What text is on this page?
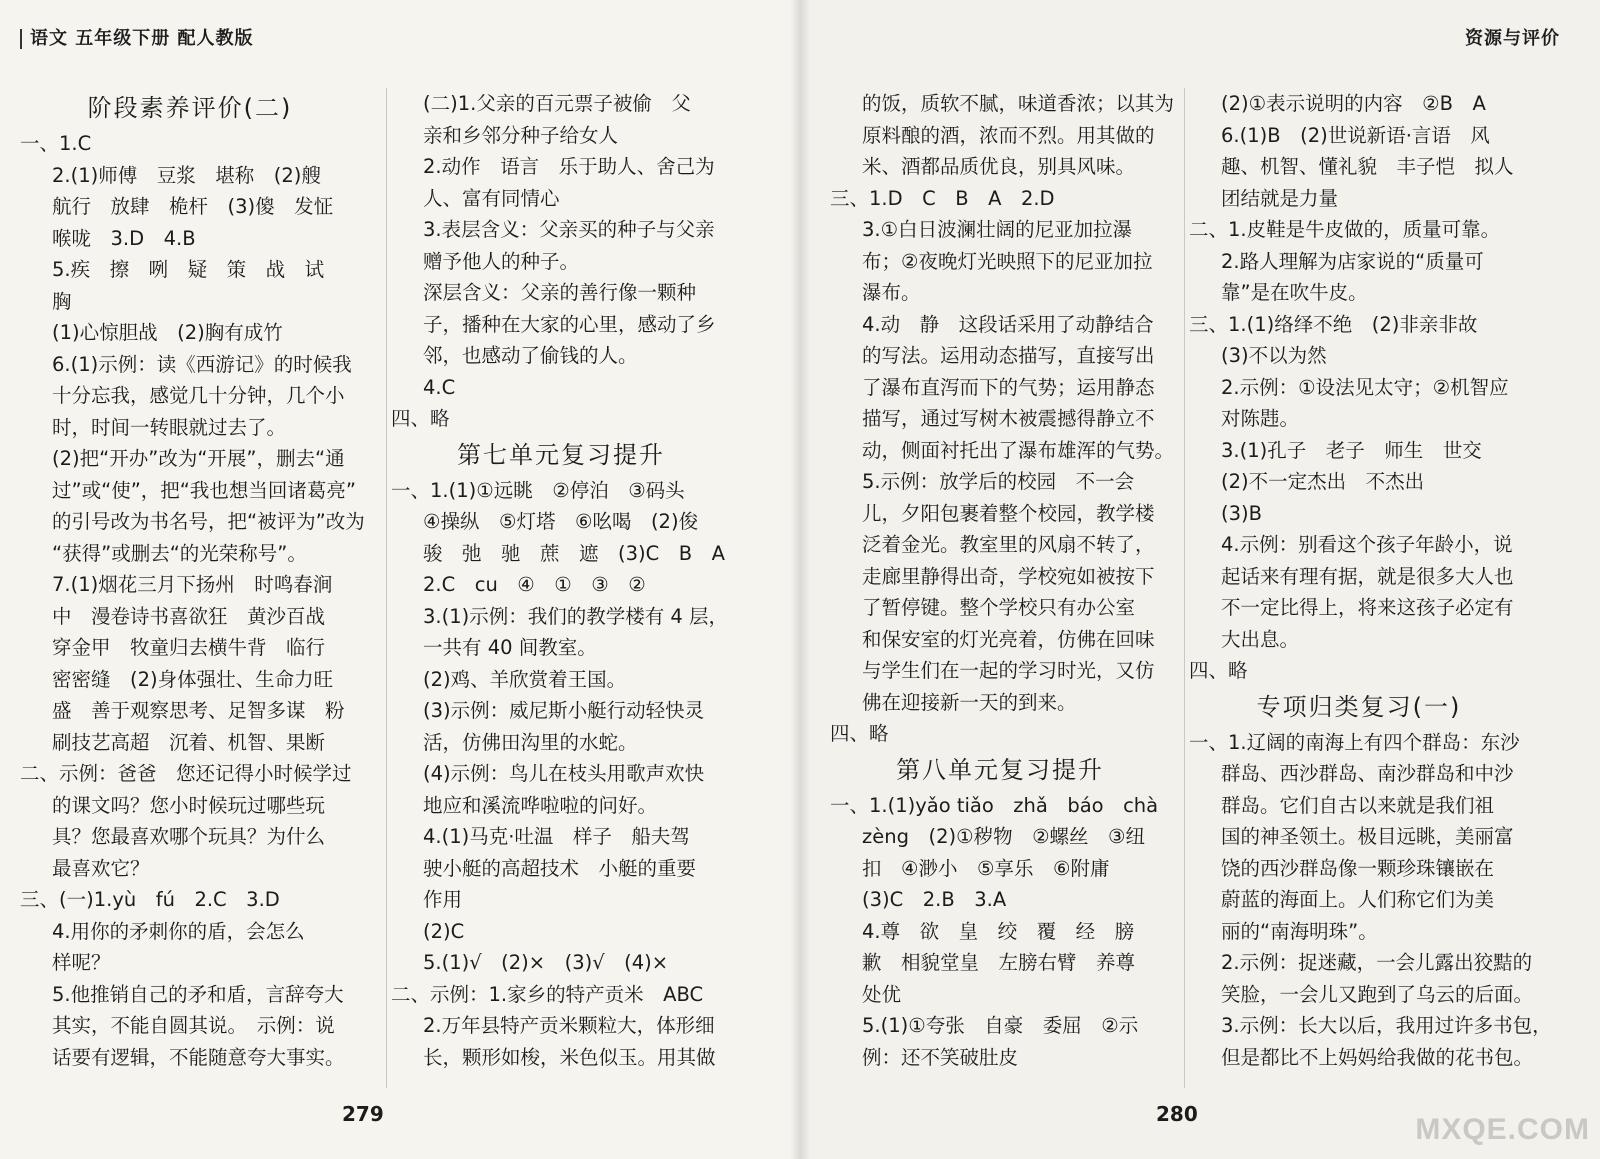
语文 五年级下册 配人教版	资源与评价
阶段素养评价(二)
一、1.C
2.(1)师傅　豆浆　堪称　(2)艘
航行　放肆　桅杆　(3)傻　发怔
喉咙　3.D　4.B
5.疾　擦　咧　疑　策　战　试
胸
(1)心惊胆战　(2)胸有成竹
6.(1)示例：读《西游记》的时候我
十分忘我，感觉几十分钟，几个小
时，时间一转眼就过去了。
(2)把“开办”改为“开展”，删去“通
过”或“使”，把“我也想当回诸葛亮”
的引号改为书名号，把“被评为”改为
“获得”或删去“的光荣称号”。
7.(1)烟花三月下扬州　时鸣春涧
中　漫卷诗书喜欲狂　黄沙百战
穿金甲　牧童归去横牛背　临行
密密缝　(2)身体强壮、生命力旺
盛　善于观察思考、足智多谋　粉
刷技艺高超　沉着、机智、果断
二、示例：爸爸　您还记得小时候学过
的课文吗？您小时候玩过哪些玩
具？您最喜欢哪个玩具？为什么
最喜欢它？
三、(一)1.yù　fú　2.C　3.D
4.用你的矛刺你的盾，会怎么
样呢？
5.他推销自己的矛和盾，言辞夸大
其实，不能自圆其说。　示例：说
话要有逻辑，不能随意夸大事实。
(二)1.父亲的百元票子被偷　父
亲和乡邻分种子给女人
2.动作　语言　乐于助人、舍己为
人、富有同情心
3.表层含义：父亲买的种子与父亲
赠予他人的种子。
深层含义：父亲的善行像一颗种
子，播种在大家的心里，感动了乡
邻，也感动了偷钱的人。
4.C
四、略
第七单元复习提升
一、1.(1)①远眺　②停泊　③码头
④操纵　⑤灯塔　⑥吆喝　(2)俊
骏　弛　驰　蔗　遮　(3)C　B　A
2.C　cu　④　①　③　②
3.(1)示例：我们的教学楼有 4 层，
一共有 40 间教室。
(2)鸡、羊欣赏着王国。
(3)示例：威尼斯小艇行动轻快灵
活，仿佛田沟里的水蛇。
(4)示例：鸟儿在枝头用歌声欢快
地应和溪流哗啦啦的问好。
4.(1)马克·吐温　样子　船夫驾
驶小艇的高超技术　小艇的重要
作用
(2)C
5.(1)√　(2)×　(3)√　(4)×
二、示例：1.家乡的特产贡米　ABC
2.万年县特产贡米颗粒大，体形细
长，颗形如梭，米色似玉。用其做
的饭，质软不腻，味道香浓；以其为
原料酿的酒，浓而不烈。用其做的
米、酒都品质优良，别具风味。
三、1.D　C　B　A　2.D
3.①白日波澜壮阔的尼亚加拉瀑
布；②夜晚灯光映照下的尼亚加拉
瀑布。
4.动　静　这段话采用了动静结合
的写法。运用动态描写，直接写出
了瀑布直泻而下的气势；运用静态
描写，通过写树木被震撼得静立不
动，侧面衬托出了瀑布雄浑的气势。
5.示例：放学后的校园　不一会
儿，夕阳包裹着整个校园，教学楼
泛着金光。教室里的风扇不转了，
走廊里静得出奇，学校宛如被按下
了暂停键。整个学校只有办公室
和保安室的灯光亮着，仿佛在回味
与学生们在一起的学习时光，又仿
佛在迎接新一天的到来。
四、略
第八单元复习提升
一、1.(1)yǎo tiǎo　zhǎ　báo　chà
zèng　(2)①秽物　②螺丝　③纽
扣　④渺小　⑤享乐　⑥附庸
(3)C　2.B　3.A
4.尊　欲　皇　绞　覆　经　膀
歉　相貌堂皇　左膀右臂　养尊
处优
5.(1)①夸张　自豪　委屈　②示
例：还不笑破肚皮
(2)①表示说明的内容　②B　A
6.(1)B　(2)世说新语·言语　风
趣、机智、懂礼貌　丰子恺　拟人
团结就是力量
二、1.皮鞋是牛皮做的，质量可靠。
2.路人理解为店家说的“质量可
靠”是在吹牛皮。
三、1.(1)络绎不绝　(2)非亲非故
(3)不以为然
2.示例：①设法见太守；②机智应
对陈韪。
3.(1)孔子　老子　师生　世交
(2)不一定杰出　不杰出
(3)B
4.示例：别看这个孩子年龄小，说
起话来有理有据，就是很多大人也
不一定比得上，将来这孩子必定有
大出息。
四、略
专项归类复习(一)
一、1.辽阔的南海上有四个群岛：东沙
群岛、西沙群岛、南沙群岛和中沙
群岛。它们自古以来就是我们祖
国的神圣领土。极目远眺，美丽富
饶的西沙群岛像一颗珍珠镶嵌在
蔚蓝的海面上。人们称它们为美
丽的“南海明珠”。
2.示例：捉迷藏，一会儿露出狡黠的
笑脸，一会儿又跑到了乌云的后面。
3.示例：长大以后，我用过许多书包，
但是都比不上妈妈给我做的花书包。
279	280	MXQE.COM
